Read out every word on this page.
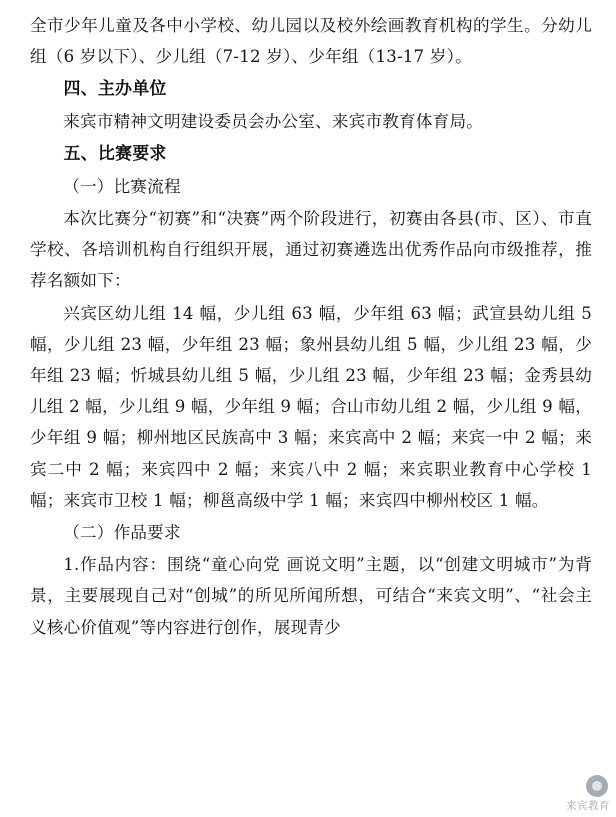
全市少年儿童及各中小学校、幼儿园以及校外绘画教育机构的学生。分幼儿组（6 岁以下）、少儿组（7-12 岁）、少年组（13-17 岁）。

四、主办单位

来宾市精神文明建设委员会办公室、来宾市教育体育局。

五、比赛要求

（一）比赛流程

本次比赛分“初赛”和“决赛”两个阶段进行，初赛由各县(市、区）、市直学校、各培训机构自行组织开展，通过初赛遴选出优秀作品向市级推荐，推荐名额如下：

兴宾区幼儿组 14 幅，少儿组 63 幅，少年组 63 幅；武宣县幼儿组 5 幅，少儿组 23 幅，少年组 23 幅；象州县幼儿组 5 幅，少儿组 23 幅，少年组 23 幅；忻城县幼儿组 5 幅，少儿组 23 幅，少年组 23 幅；金秀县幼儿组 2 幅，少儿组 9 幅，少年组 9 幅；合山市幼儿组 2 幅，少儿组 9 幅，少年组 9 幅；柳州地区民族高中 3 幅；来宾高中 2 幅；来宾一中 2 幅；来宾二中 2 幅；来宾四中 2 幅；来宾八中 2 幅；来宾职业教育中心学校 1 幅；来宾市卫校 1 幅；柳邕高级中学 1 幅；来宾四中柳州校区 1 幅。

（二）作品要求

1.作品内容：围绕“童心向党 画说文明”主题，以“创建文明城市”为背景，主要展现自己对“创城”的所见所闻所想，可结合“来宾文明”、“社会主义核心价值观”等内容进行创作，展现青少

来宾教育
